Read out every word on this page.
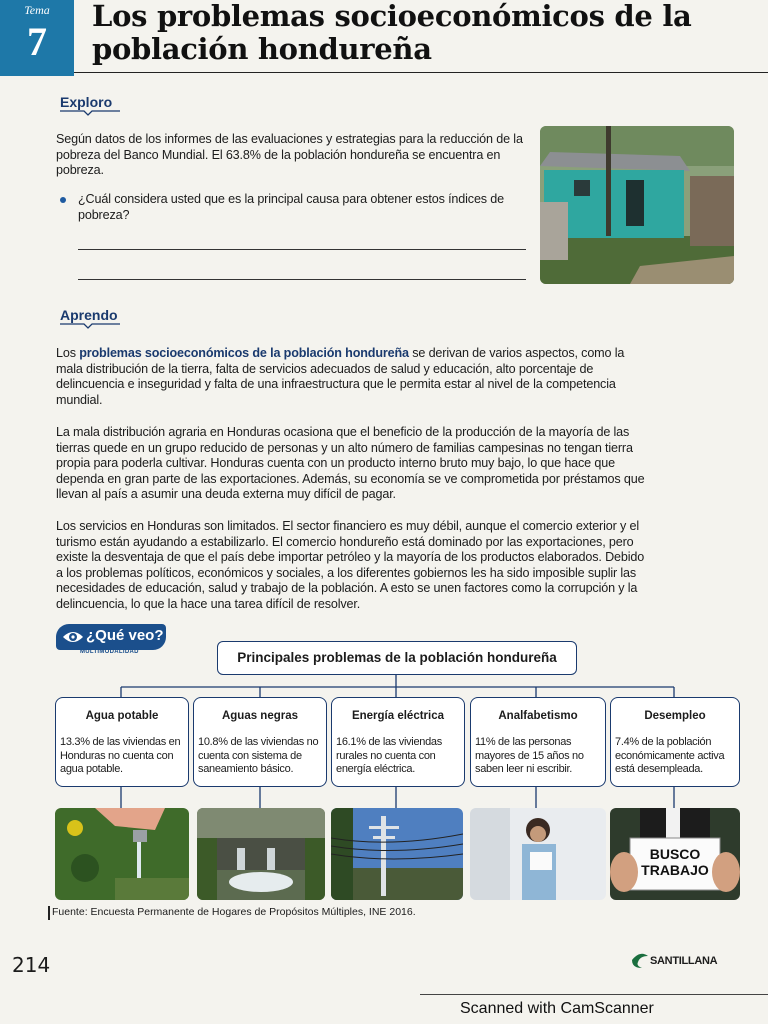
Tema
7
Los problemas socioeconómicos de la
población hondureña
Exploro
Según datos de los informes de las evaluaciones y estrategias para la reducción de la pobreza del Banco Mundial. El 63.8% de la población hondureña se encuentra en pobreza.
¿Cuál considera usted que es la principal causa para obtener estos índices de pobreza?
Aprendo
Los problemas socioeconómicos de la población hondureña se derivan de varios aspectos, como la mala distribución de la tierra, falta de servicios adecuados de salud y educación, alto porcentaje de delincuencia e inseguridad y falta de una infraestructura que le permita estar al nivel de la competencia mundial.
La mala distribución agraria en Honduras ocasiona que el beneficio de la producción de la mayoría de las tierras quede en un grupo reducido de personas y un alto número de familias campesinas no tengan tierra propia para poderla cultivar. Honduras cuenta con un producto interno bruto muy bajo, lo que hace que dependa en gran parte de las exportaciones. Además, su economía se ve comprometida por préstamos que llevan al país a asumir una deuda externa muy difícil de pagar.
Los servicios en Honduras son limitados. El sector financiero es muy débil, aunque el comercio exterior y el turismo están ayudando a estabilizarlo. El comercio hondureño está dominado por las exportaciones, pero existe la desventaja de que el país debe importar petróleo y la mayoría de los productos elaborados. Debido a los problemas políticos, económicos y sociales, a los diferentes gobiernos les ha sido imposible suplir las necesidades de educación, salud y trabajo de la población. A esto se unen factores como la corrupción y la delincuencia, lo que la hace una tarea difícil de resolver.
¿Qué veo?
MULTIMODALIDAD	Principales problemas de la población hondureña
Agua potable
13.3% de las viviendas en Honduras no cuenta con agua potable.
Aguas negras
10.8% de las viviendas no cuenta con sistema de saneamiento básico.
Energía eléctrica
16.1% de las viviendas rurales no cuenta con energía eléctrica.
Analfabetismo
11% de las personas mayores de 15 años no saben leer ni escribir.
Desempleo
7.4% de la población económicamente activa está desempleada.
BUSCO
TRABAJO
Fuente: Encuesta Permanente de Hogares de Propósitos Múltiples, INE 2016.
214	SANTILLANA
Scanned with CamScanner
